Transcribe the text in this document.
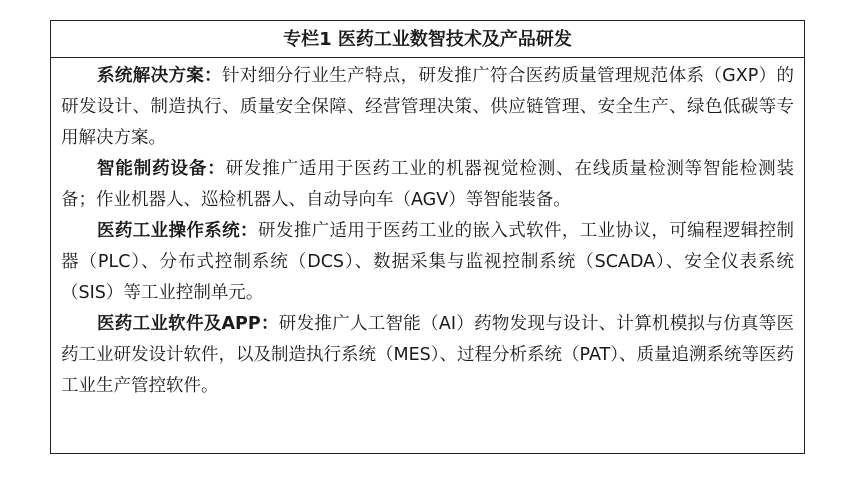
专栏1 医药工业数智技术及产品研发

系统解决方案：针对细分行业生产特点，研发推广符合医药质量管理规范体系（GXP）的研发设计、制造执行、质量安全保障、经营管理决策、供应链管理、安全生产、绿色低碳等专用解决方案。

智能制药设备：研发推广适用于医药工业的机器视觉检测、在线质量检测等智能检测装备；作业机器人、巡检机器人、自动导向车（AGV）等智能装备。

医药工业操作系统：研发推广适用于医药工业的嵌入式软件，工业协议，可编程逻辑控制器（PLC）、分布式控制系统（DCS）、数据采集与监视控制系统（SCADA）、安全仪表系统（SIS）等工业控制单元。

医药工业软件及APP：研发推广人工智能（AI）药物发现与设计、计算机模拟与仿真等医药工业研发设计软件，以及制造执行系统（MES）、过程分析系统（PAT）、质量追溯系统等医药工业生产管控软件。
